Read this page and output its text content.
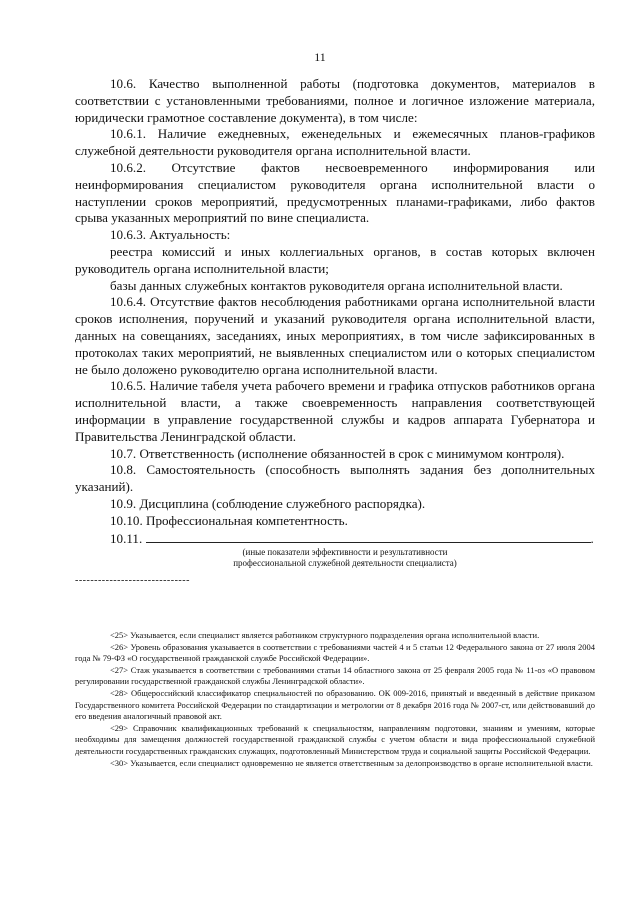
11

10.6. Качество выполненной работы (подготовка документов, материалов в соответствии с установленными требованиями, полное и логичное изложение материала, юридически грамотное составление документа), в том числе:

10.6.1. Наличие ежедневных, еженедельных и ежемесячных планов-графиков служебной деятельности руководителя органа исполнительной власти.

10.6.2. Отсутствие фактов несвоевременного информирования или неинформирования специалистом руководителя органа исполнительной власти о наступлении сроков мероприятий, предусмотренных планами-графиками, либо фактов срыва указанных мероприятий по вине специалиста.

10.6.3. Актуальность:

реестра комиссий и иных коллегиальных органов, в состав которых включен руководитель органа исполнительной власти;

базы данных служебных контактов руководителя органа исполнительной власти.

10.6.4. Отсутствие фактов несоблюдения работниками органа исполнительной власти сроков исполнения, поручений и указаний руководителя органа исполнительной власти, данных на совещаниях, заседаниях, иных мероприятиях, в том числе зафиксированных в протоколах таких мероприятий, не выявленных специалистом или о которых специалистом не было доложено руководителю органа исполнительной власти.

10.6.5. Наличие табеля учета рабочего времени и графика отпусков работников органа исполнительной власти, а также своевременность направления соответствующей информации в управление государственной службы и кадров аппарата Губернатора и Правительства Ленинградской области.

10.7. Ответственность (исполнение обязанностей в срок с минимумом контроля).

10.8. Самостоятельность (способность выполнять задания без дополнительных указаний).

10.9. Дисциплина (соблюдение служебного распорядка).

10.10. Профессиональная компетентность.

10.11.	.

(иные показатели эффективности и результативности
профессиональной служебной деятельности специалиста)
------------------------------

<25> Указывается, если специалист является работником структурного подразделения органа исполнительной власти.

<26> Уровень образования указывается в соответствии с требованиями частей 4 и 5 статьи 12 Федерального закона от 27 июля 2004 года № 79-ФЗ «О государственной гражданской службе Российской Федерации».

<27> Стаж указывается в соответствии с требованиями статьи 14 областного закона от 25 февраля 2005 года № 11-оз «О правовом регулировании государственной гражданской службы Ленинградской области».

<28> Общероссийский классификатор специальностей по образованию. ОК 009-2016, принятый и введенный в действие приказом Государственного комитета Российской Федерации по стандартизации и метрологии от 8 декабря 2016 года № 2007-ст, или действовавший до его введения аналогичный правовой акт.

<29> Справочник квалификационных требований к специальностям, направлениям подготовки, знаниям и умениям, которые необходимы для замещения должностей государственной гражданской службы с учетом области и вида профессиональной служебной деятельности государственных гражданских служащих, подготовленный Министерством труда и социальной защиты Российской Федерации.

<30> Указывается, если специалист одновременно не является ответственным за делопроизводство в органе исполнительной власти.
